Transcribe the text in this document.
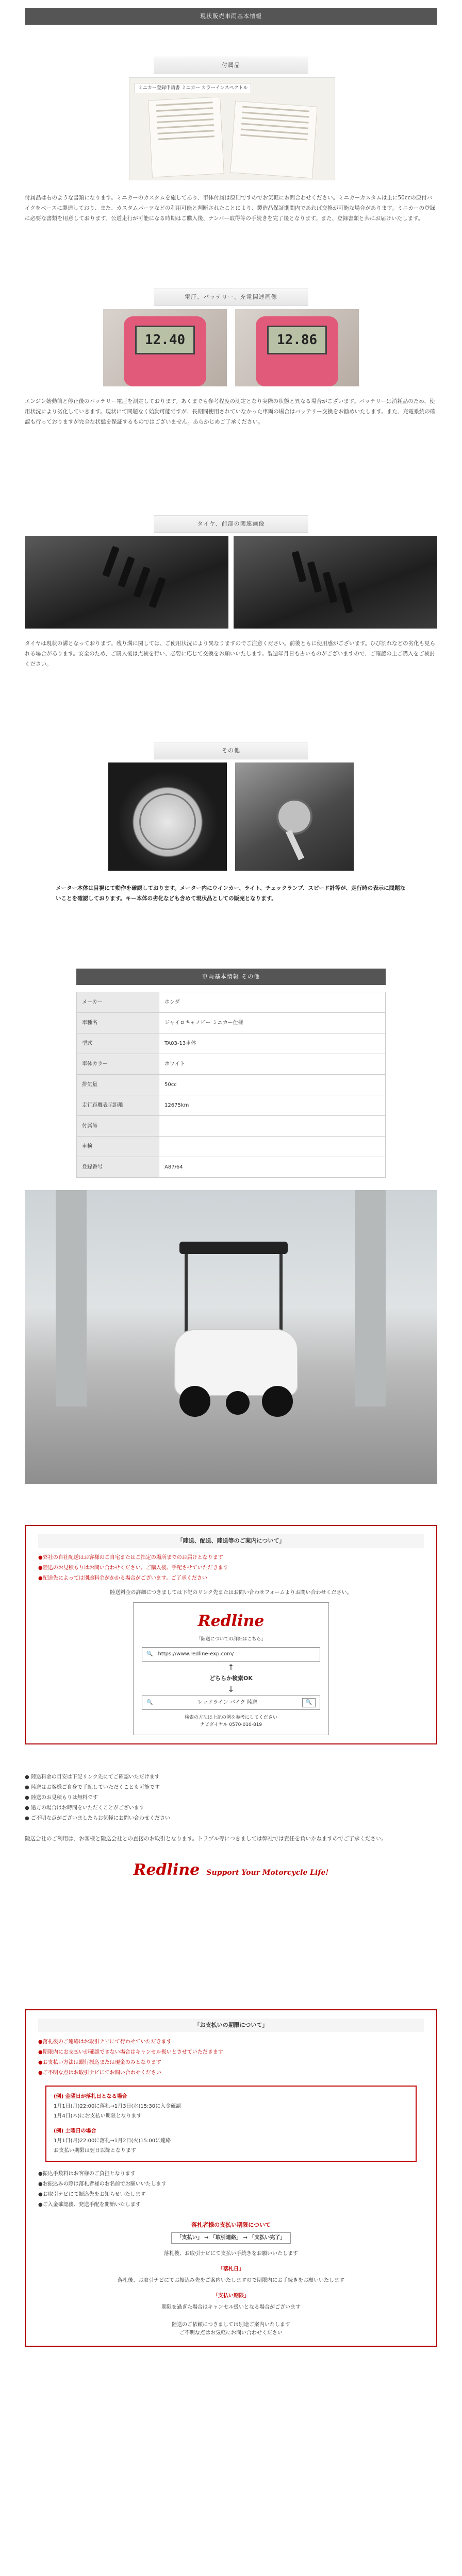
現状販売車両基本情報
付属品
ミニカー登録申請書 ミニカー カラーインスペクトル

付属品は右のような書類になります。ミニカーのカスタムを施してあり、車体付属は原則ですのでお気軽にお問合わせください。ミニカーカスタムは主に50ccの原付バイクをベースに製造しており、また、カスタムパーツなどの利用可能と判断されたことにより、製造品保証期間内であれば交換が可能な場合があります。ミニカーの登録に必要な書類を用意しております。公道走行が可能になる時期はご購入後、ナンバー取得等の手続きを完了後となります。また、登録書類と共にお届けいたします。

電圧、バッテリー、充電関連画像
12.40	12.86

エンジン始動前と停止後のバッテリー電圧を測定しております。あくまでも参考程度の測定となり実際の状態と異なる場合がございます。バッテリーは消耗品のため、使用状況により劣化していきます。現状にて問題なく始動可能ですが、長期間使用されていなかった車両の場合はバッテリー交換をお勧めいたします。また、充電系統の確認も行っておりますが完全な状態を保証するものではございません。あらかじめご了承ください。

タイヤ、前部の関連画像

タイヤは現状の溝となっております。残り溝に関しては、ご使用状況により異なりますのでご注意ください。前後ともに使用感がございます。ひび割れなどの劣化も見られる場合があります。安全のため、ご購入後は点検を行い、必要に応じて交換をお願いいたします。製造年月日も古いものがございますので、ご確認の上ご購入をご検討ください。

その他

メーター本体は目視にて動作を確認しております。メーター内にウインカー、ライト、チェックランプ、スピード計等が、走行時の表示に問題ないことを確認しております。キー本体の劣化なども含めて現状品としての販売となります。

車両基本情報 その他
メーカー	ホンダ
車種名	ジャイロキャノピー ミニカー仕様
型式	TA03-13車体
車体カラー	ホワイト
排気量	50cc
走行距離表示距離	12675km
付属品	
車検	
登録番号	A87/64
「陸送、配送、陸送等のご案内について」
●弊社の自社配送はお客様のご自宅またはご指定の場所までのお届けとなります
●陸送のお見積もりはお問い合わせください。ご購入後、手配させていただきます
●配送先によっては別途料金がかかる場合がございます。ご了承ください
陸送料金の詳細につきましては下記のリンク先またはお問い合わせフォームよりお問い合わせください。
Redline
「陸送についての詳細はこちら」
🔍 https://www.redline-exp.com/
↑
どちらか検索OK
↓
🔍	レッドライン バイク 陸送	🔍
検索の方法は上記の例を参考にしてください
ナビダイヤル 0570-010-819
● 陸送料金の目安は下記リンク先にてご確認いただけます
● 陸送はお客様ご自身で手配していただくことも可能です
● 陸送のお見積もりは無料です
● 遠方の場合はお時間をいただくことがございます
● ご不明な点がございましたらお気軽にお問い合わせください

陸送会社のご利用は、お客様と陸送会社との直接のお取引となります。トラブル等につきましては弊社では責任を負いかねますのでご了承ください。

Redline Support Your Motorcycle Life!
「お支払いの期限について」
●落札後のご連絡はお取引ナビにて行わせていただきます
●期限内にお支払いが確認できない場合はキャンセル扱いとさせていただきます
●お支払い方法は銀行振込または現金のみとなります
●ご不明な点はお取引ナビにてお問い合わせください
(例) 金曜日が落札日となる場合
1月1日(月)22:00に落札→1月3日(水)15:30に入金確認
1月4日(木)にお支払い期限となります
(例) 土曜日の場合
1月1日(月)22:00に落札→1月2日(火)15:00に連絡
お支払い期限は翌日以降となります
●振込手数料はお客様のご負担となります
●お振込みの際は落札者様のお名前でお願いいたします
●お取引ナビにて振込先をお知らせいたします
●ご入金確認後、発送手配を開始いたします
落札者様の支払い期限について
「支払い」 → 「取引連絡」 → 「支払い完了」
落札後、お取引ナビにて支払い手続きをお願いいたします
「落札日」
落札後、お取引ナビにてお振込み先をご案内いたしますので期限内にお手続きをお願いいたします
「支払い期限」
期限を過ぎた場合はキャンセル扱いとなる場合がございます
陸送のご依頼につきましては別途ご案内いたします
ご不明な点はお気軽にお問い合わせください
